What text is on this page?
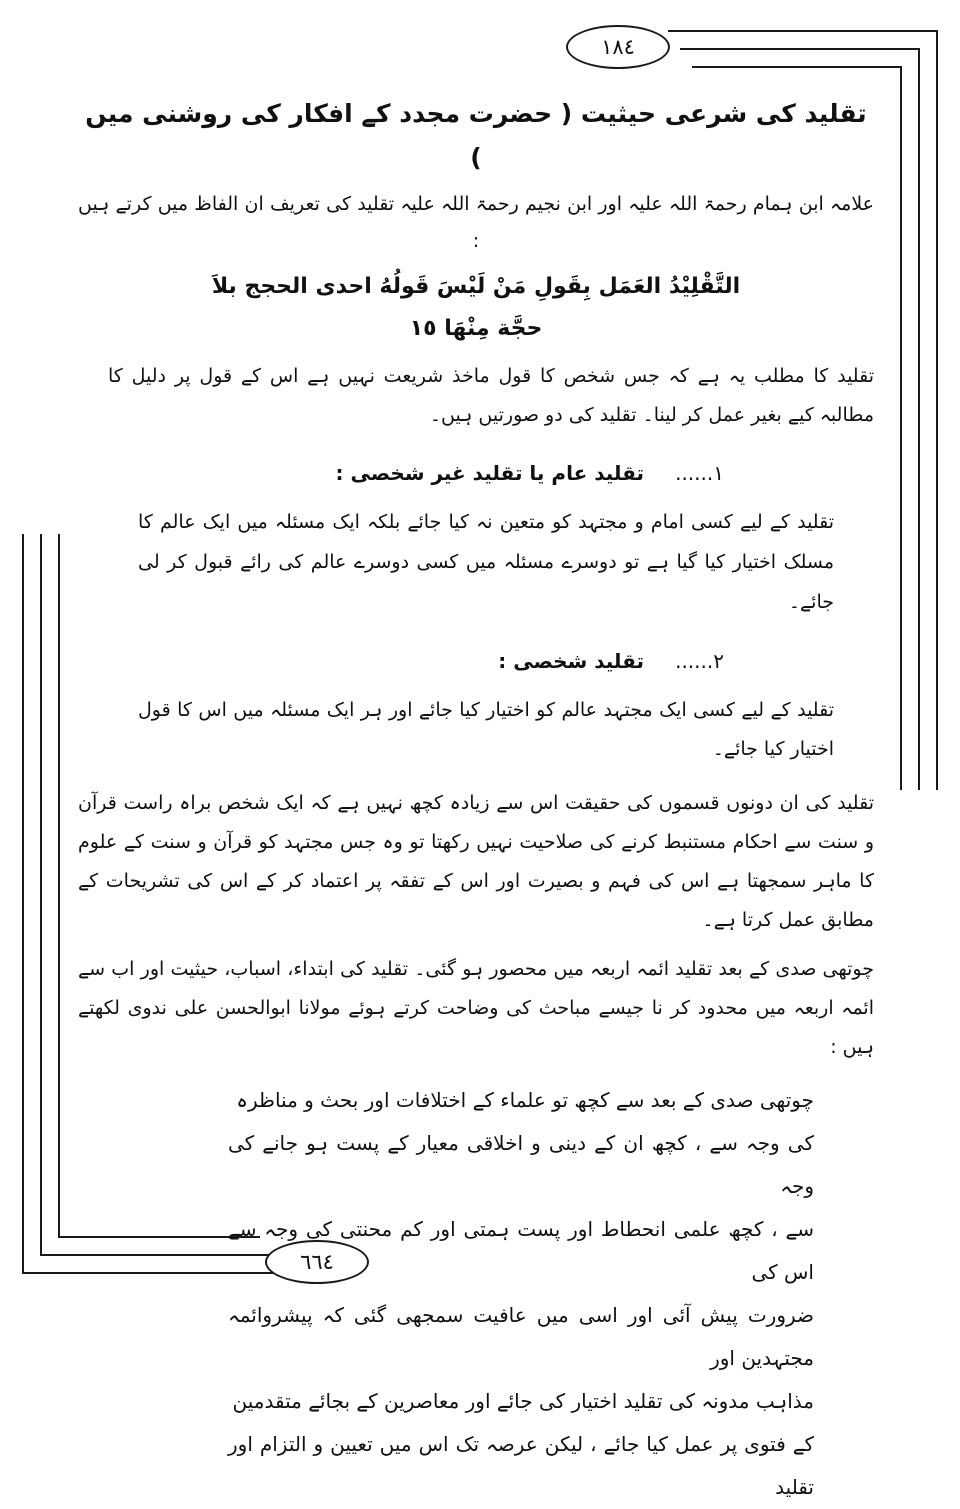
١٨٤
٦٦٤
تقلید کی شرعی حیثیت ( حضرت مجدد کے افکار کی روشنی میں )
علامہ ابن ہمام رحمۃ اللہ علیہ اور ابن نجیم رحمۃ اللہ علیہ تقلید کی تعریف ان الفاظ میں کرتے ہیں :
التَّقْلِيْدُ العَمَل بِقَولِ مَنْ لَيْسَ قَولُهُ احدى الحجج بلاَ
حجَّة مِنْهَا ١٥
تقلید کا مطلب یہ ہے کہ جس شخص کا قول ماخذ شریعت نہیں ہے اس کے قول پر دلیل کا مطالبہ کیے بغیر عمل کر لینا۔ تقلید کی دو صورتیں ہیں۔
١......
تقلید عام یا تقلید غیر شخصی :
تقلید کے لیے کسی امام و مجتہد کو متعین نہ کیا جائے بلکہ ایک مسئلہ میں ایک عالم کا مسلک اختیار کیا گیا ہے تو دوسرے مسئلہ میں کسی دوسرے عالم کی رائے قبول کر لی جائے۔
٢......
تقلید شخصی :
تقلید کے لیے کسی ایک مجتہد عالم کو اختیار کیا جائے اور ہر ایک مسئلہ میں اس کا قول اختیار کیا جائے۔
تقلید کی ان دونوں قسموں کی حقیقت اس سے زیادہ کچھ نہیں ہے کہ ایک شخص براہ راست قرآن و سنت سے احکام مستنبط کرنے کی صلاحیت نہیں رکھتا تو وہ جس مجتہد کو قرآن و سنت کے علوم کا ماہر سمجھتا ہے اس کی فہم و بصیرت اور اس کے تفقہ پر اعتماد کر کے اس کی تشریحات کے مطابق عمل کرتا ہے۔
چوتھی صدی کے بعد تقلید ائمہ اربعہ میں محصور ہو گئی۔ تقلید کی ابتداء، اسباب، حیثیت اور اب سے ائمہ اربعہ میں محدود کر نا جیسے مباحث کی وضاحت کرتے ہوئے مولانا ابوالحسن علی ندوی لکھتے ہیں :
چوتھی صدی کے بعد سے کچھ تو علماء کے اختلافات اور بحث و مناظرہ
کی وجہ سے ، کچھ ان کے دینی و اخلاقی معیار کے پست ہو جانے کی وجہ
سے ، کچھ علمی انحطاط اور پست ہمتی اور کم محنتی کی وجہ سے اس کی
ضرورت پیش آئی اور اسی میں عافیت سمجھی گئی کہ پیشروائمہ مجتہدین اور
مذاہب مدونہ کی تقلید اختیار کی جائے اور معاصرین کے بجائے متقدمین
کے فتوی پر عمل کیا جائے ، لیکن عرصہ تک اس میں تعیین و التزام اور تقلید
